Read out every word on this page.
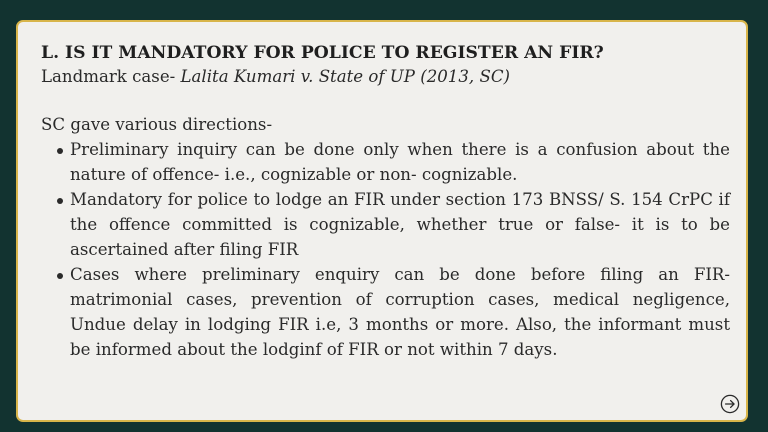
L. IS IT MANDATORY FOR POLICE TO REGISTER AN FIR?

Landmark case- Lalita Kumari v. State of UP (2013, SC)

SC gave various directions-

Preliminary inquiry can be done only when there is a confusion about the nature of offence- i.e., cognizable or non- cognizable.
Mandatory for police to lodge an FIR under section 173 BNSS/ S. 154 CrPC if the offence committed is cognizable, whether true or false- it is to be ascertained after filing FIR
Cases where preliminary enquiry can be done before filing an FIR- matrimonial cases, prevention of corruption cases, medical negligence, Undue delay in lodging FIR i.e, 3 months or more. Also, the informant must be informed about the lodginf of FIR or not within 7 days.
